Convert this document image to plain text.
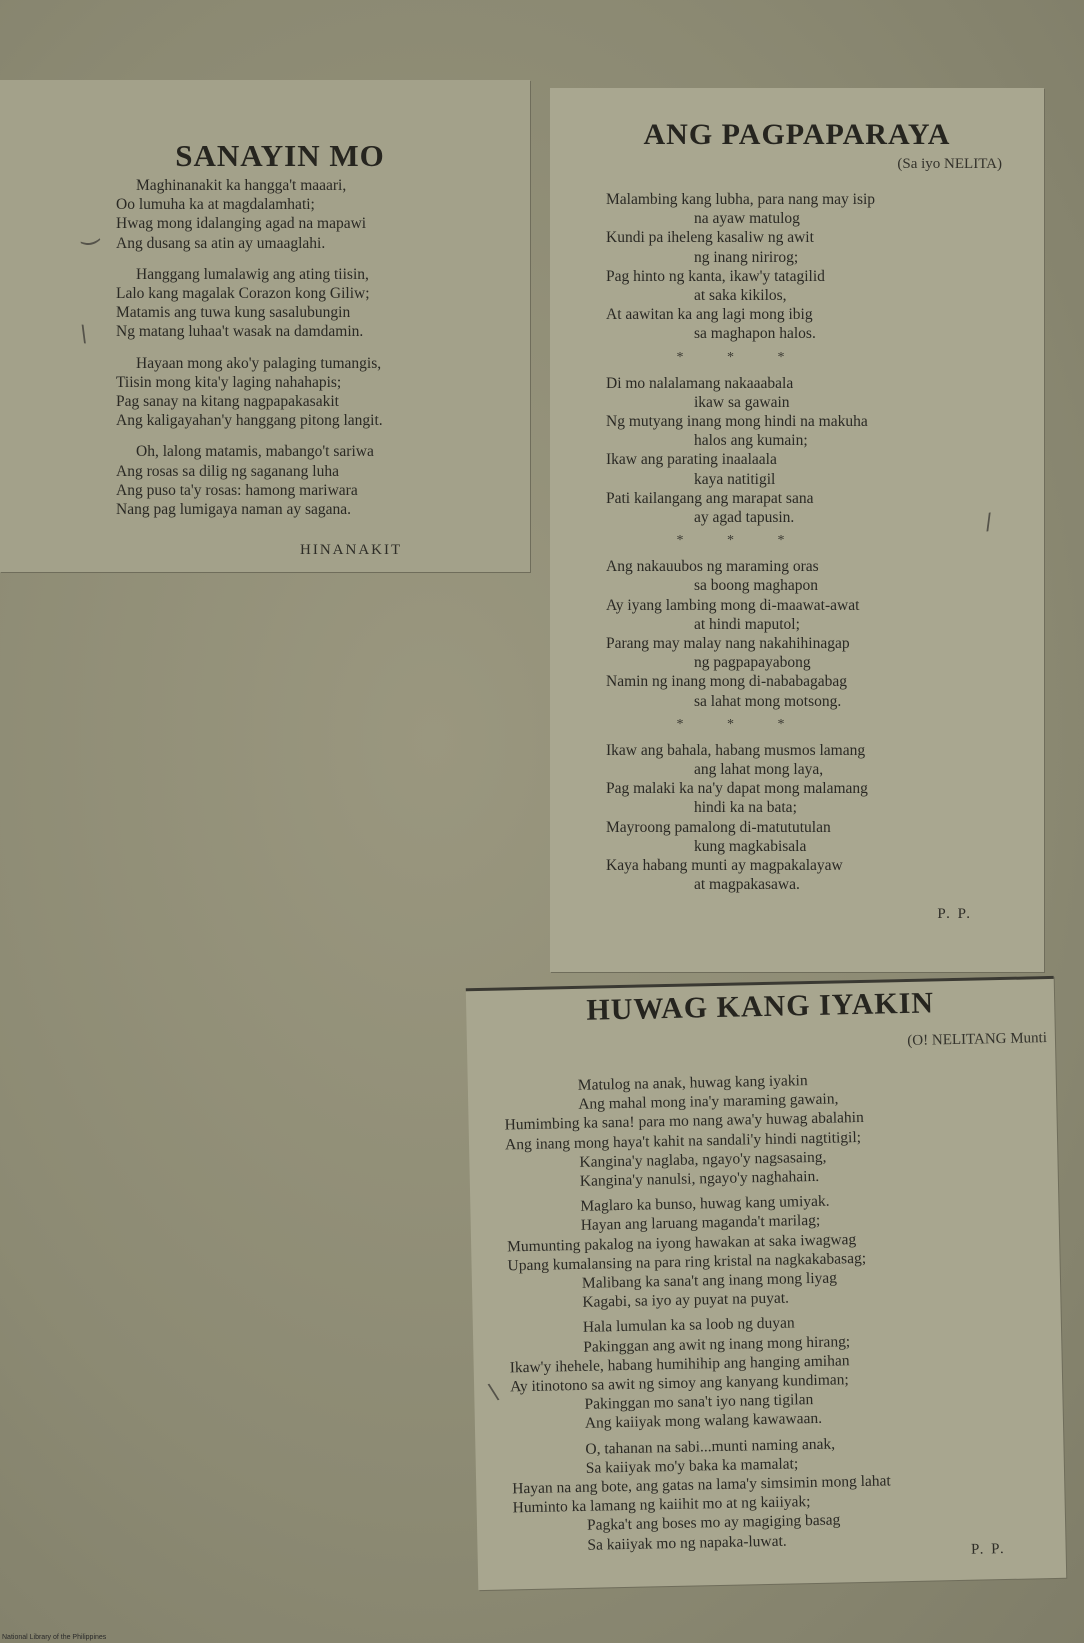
SANAYIN MO
Maghinanakit ka hangga't maaari,
Oo lumuha ka at magdalamhati;
Hwag mong idalanging agad na mapawi
Ang dusang sa atin ay umaaglahi.
Hanggang lumalawig ang ating tiisin,
Lalo kang magalak Corazon kong Giliw;
Matamis ang tuwa kung sasalubungin
Ng matang luhaa't wasak na damdamin.
Hayaan mong ako'y palaging tumangis,
Tiisin mong kita'y laging nahahapis;
Pag sanay na kitang nagpapakasakit
Ang kaligayahan'y hanggang pitong langit.
Oh, lalong matamis, mabango't sariwa
Ang rosas sa dilig ng saganang luha
Ang puso ta'y rosas: hamong mariwara
Nang pag lumigaya naman ay sagana.
HINANAKIT
ANG PAGPAPARAYA
(Sa iyo NELITA)
Malambing kang lubha, para nang may isip
na ayaw matulog
Kundi pa iheleng kasaliw ng awit
ng inang nirirog;
Pag hinto ng kanta, ikaw'y tatagilid
at saka kikilos,
At aawitan ka ang lagi mong ibig
sa maghapon halos.
* * *
Di mo nalalamang nakaaabala
ikaw sa gawain
Ng mutyang inang mong hindi na makuha
halos ang kumain;
Ikaw ang parating inaalaala
kaya natitigil
Pati kailangang ang marapat sana
ay agad tapusin.
* * *
Ang nakauubos ng maraming oras
sa boong maghapon
Ay iyang lambing mong di-maawat-awat
at hindi maputol;
Parang may malay nang nakahihinagap
ng pagpapayabong
Namin ng inang mong di-nababagabag
sa lahat mong motsong.
* * *
Ikaw ang bahala, habang musmos lamang
ang lahat mong laya,
Pag malaki ka na'y dapat mong malamang
hindi ka na bata;
Mayroong pamalong di-matututulan
kung magkabisala
Kaya habang munti ay magpakalayaw
at magpakasawa.
P. P.
HUWAG KANG IYAKIN
(O! NELITANG Munti
Matulog na anak, huwag kang iyakin
Ang mahal mong ina'y maraming gawain,
Humimbing ka sana! para mo nang awa'y huwag abalahin
Ang inang mong haya't kahit na sandali'y hindi nagtitigil;
Kangina'y naglaba, ngayo'y nagsasaing,
Kangina'y nanulsi, ngayo'y naghahain.
Maglaro ka bunso, huwag kang umiyak.
Hayan ang laruang maganda't marilag;
Mumunting pakalog na iyong hawakan at saka iwagwag
Upang kumalansing na para ring kristal na nagkakabasag;
Malibang ka sana't ang inang mong liyag
Kagabi, sa iyo ay puyat na puyat.
Hala lumulan ka sa loob ng duyan
Pakinggan ang awit ng inang mong hirang;
Ikaw'y ihehele, habang humihihip ang hanging amihan
Ay itinotono sa awit ng simoy ang kanyang kundiman;
Pakinggan mo sana't iyo nang tigilan
Ang kaiiyak mong walang kawawaan.
O, tahanan na sabi...munti naming anak,
Sa kaiiyak mo'y baka ka mamalat;
Hayan na ang bote, ang gatas na lama'y simsimin mong lahat
Huminto ka lamang ng kaiihit mo at ng kaiiyak;
Pagka't ang boses mo ay magiging basag
Sa kaiiyak mo ng napaka-luwat.	P. P.
)
\
/
\
National Library of the Philippines
